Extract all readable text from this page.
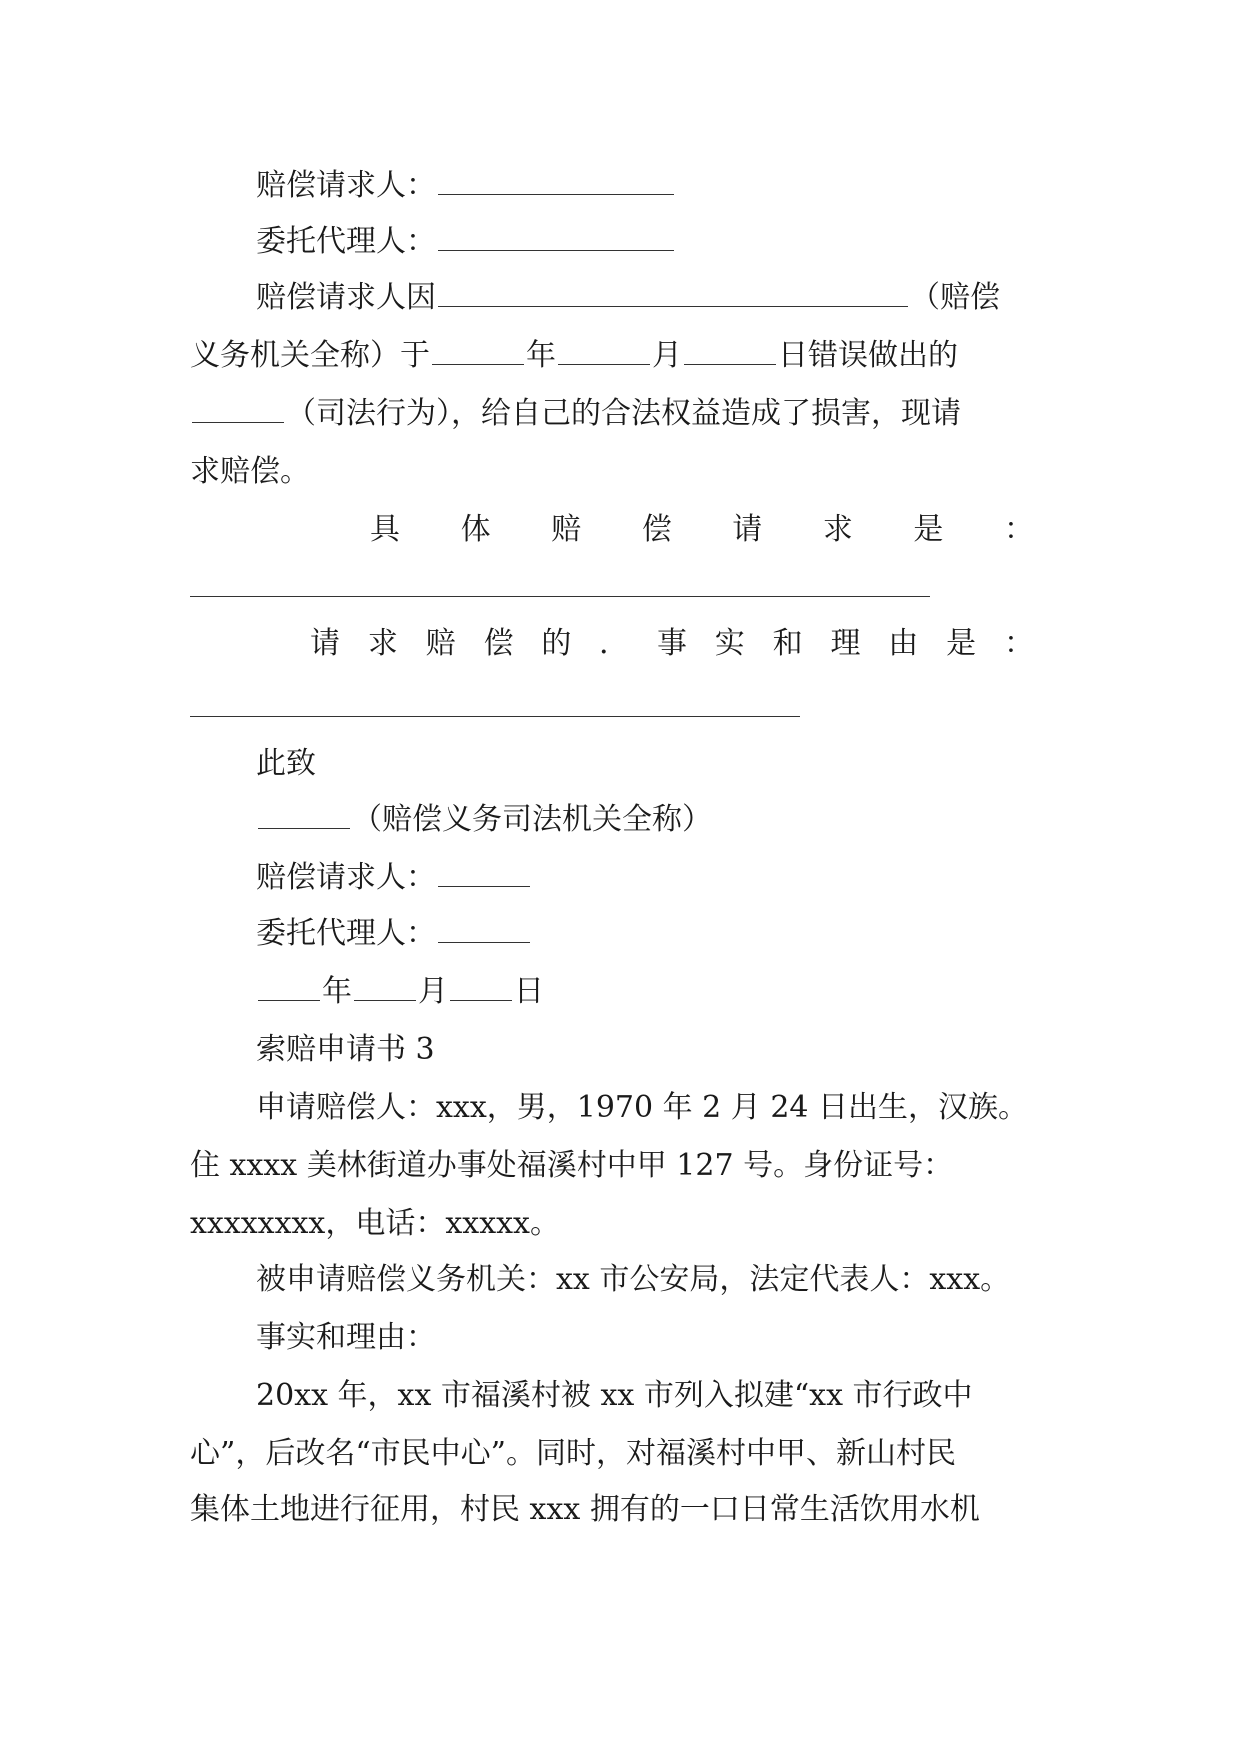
赔偿请求人：
委托代理人：
赔偿请求人因	（赔偿
义务机关全称）于	年	月	日错误做出的
（司法行为），给自己的合法权益造成了损害，现请
求赔偿。
具 体 赔 偿 请 求 是 ：
请 求 赔 偿 的 ． 事 实 和 理 由 是 ：
此致
（赔偿义务司法机关全称）
赔偿请求人：
委托代理人：
年 月 日
索赔申请书 3
申请赔偿人：xxx，男，1970 年 2 月 24 日出生，汉族。
住 xxxx 美林街道办事处福溪村中甲 127 号。身份证号：
xxxxxxxx，电话：xxxxx。
被申请赔偿义务机关：xx 市公安局，法定代表人：xxx。
事实和理由：
20xx 年，xx 市福溪村被 xx 市列入拟建“xx 市行政中
心”，后改名“市民中心”。同时，对福溪村中甲、新山村民
集体土地进行征用，村民 xxx 拥有的一口日常生活饮用水机
